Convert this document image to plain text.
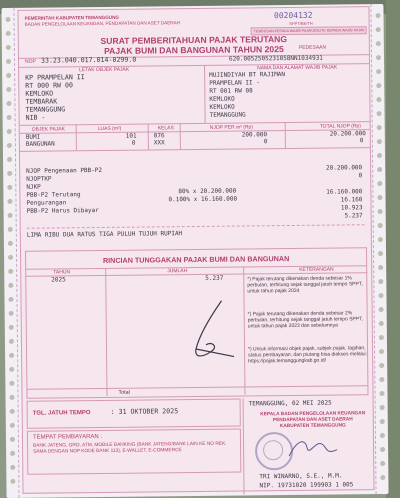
PEMERINTAH KABUPATEN TEMANGGUNG
BADAN PENGELOLAAN KEUANGAN, PENDAPATAN DAN ASET DAERAH
00204132
SPPT/EE/TH
TEMBUSAN KEPADA WAJIB PAJAK/ESUTE KEPADA WAJIB PAJAK
SURAT PEMBERITAHUAN PAJAK TERUTANG
PAJAK BUMI DAN BANGUNAN TAHUN 2025	PEDESAAN
NOP 33.23.040.017.014-0299.0	620.0052505231058NN1034931
LETAK OBJEK PAJAK	NAMA DAN ALAMAT WAJIB PAJAK
KP PRAMPELAN II
RT 000 RW 00
KEMLOKO
TEMBARAK
TEMANGGUNG
NIB -
MUJINDIYAH BT RAJIMAN
PRAMPELAN II -
RT 001 RW 08
KEMLOKO
KEMLOKO
TEMANGGUNG
OBJEK PAJAK	LUAS (m²)	KELAS	NJOP PER m² (Rp)	TOTAL NJOP (Rp)
BUMI	101	076	200.000	20.200.000
BANGUNAN	0	XXX	0	0
NJOP Pengenaan PBB-P2	20.200.000
NJOPTKP	0
NJKP
80% x 20.200.000
PBB-P2 Terutang	16.160.000
0.100% x 16.160.000
Pengurangan	16.160
PBB-P2 Harus Dibayar	10.923
5.237
LIMA RIBU DUA RATUS TIGA PULUH TUJUH RUPIAH
RINCIAN TUNGGAKAN PAJAK BUMI DAN BANGUNAN
TAHUN	JUMLAH	KETERANGAN
2025	5.237	*) Pajak terutang dikenakan denda sebesar 1% perbulan, terhitung sejak tanggal jatuh tempo SPPT, untuk tahun pajak 2024
*) Pajak terutang dikenakan denda sebesar 2% perbulan, terhitung sejak tanggal jatuh tempo SPPT, untuk tahun pajak 2023 dan sebelumnya
*) Untuk informasi objek pajak, subjek pajak, tagihan, status pembayaran, dan piutang bisa diakses melalui: https://pajak.temanggungkab.go.id/
Total
TGL. JATUH TEMPO	: 31 OKTOBER 2025
TEMPAT PEMBAYARAN :
BANK JATENG, GRO, ATM, MOBILE BANKING (BANK JATENG/BANK LAIN KE NO REK. SAMA DENGAN NOP KODE BANK 113), E-WALLET, E-COMMERCE
TEMANGGUNG, 02 MEI 2025
KEPALA BADAN PENGELOLAAN KEUANGAN
PENDAPATAN DAN ASET DAERAH
KABUPATEN TEMANGGUNG
TRI WINARNO, S.E., M.M.
NIP. 19731020 199903 1 005
